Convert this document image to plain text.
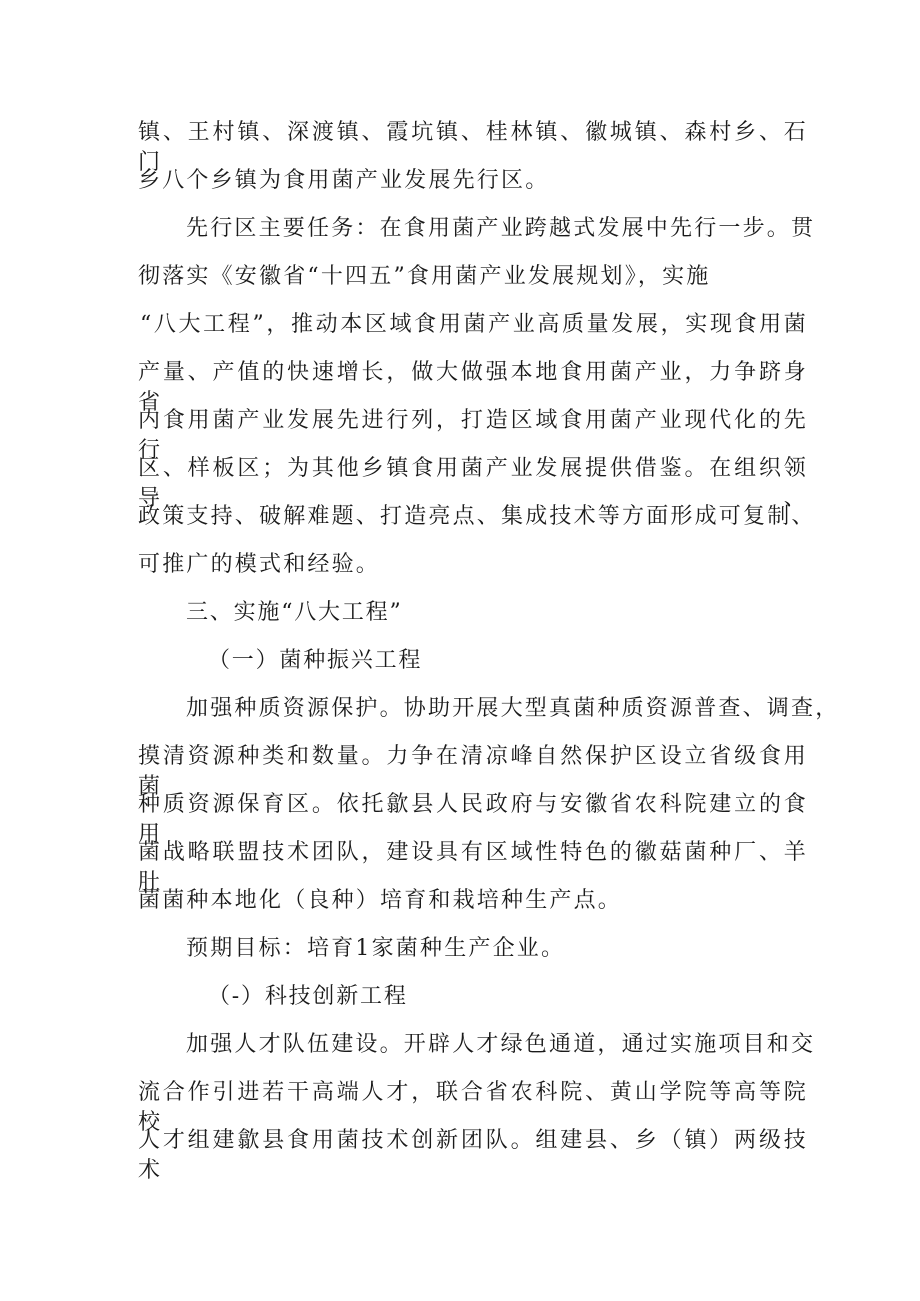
镇、王村镇、深渡镇、霞坑镇、桂林镇、徽城镇、森村乡、石门
乡八个乡镇为食用菌产业发展先行区。
先行区主要任务：在食用菌产业跨越式发展中先行一步。贯
彻落实《安徽省“十四五”食用菌产业发展规划》，实施
“八大工程”，推动本区域食用菌产业高质量发展，实现食用菌
产量、产值的快速增长，做大做强本地食用菌产业，力争跻身省
内食用菌产业发展先进行列，打造区域食用菌产业现代化的先行
区、样板区；为其他乡镇食用菌产业发展提供借鉴。在组织领导、
政策支持、破解难题、打造亮点、集成技术等方面形成可复制、
可推广的模式和经验。
三、实施“八大工程”
（一）菌种振兴工程
加强种质资源保护。协助开展大型真菌种质资源普查、调查，
摸清资源种类和数量。力争在清凉峰自然保护区设立省级食用菌
种质资源保育区。依托歙县人民政府与安徽省农科院建立的食用
菌战略联盟技术团队，建设具有区域性特色的徽菇菌种厂、羊肚
菌菌种本地化（良种）培育和栽培种生产点。
预期目标：培育1家菌种生产企业。
（-）科技创新工程
加强人才队伍建设。开辟人才绿色通道，通过实施项目和交
流合作引进若干高端人才，联合省农科院、黄山学院等高等院校
人才组建歙县食用菌技术创新团队。组建县、乡（镇）两级技术
